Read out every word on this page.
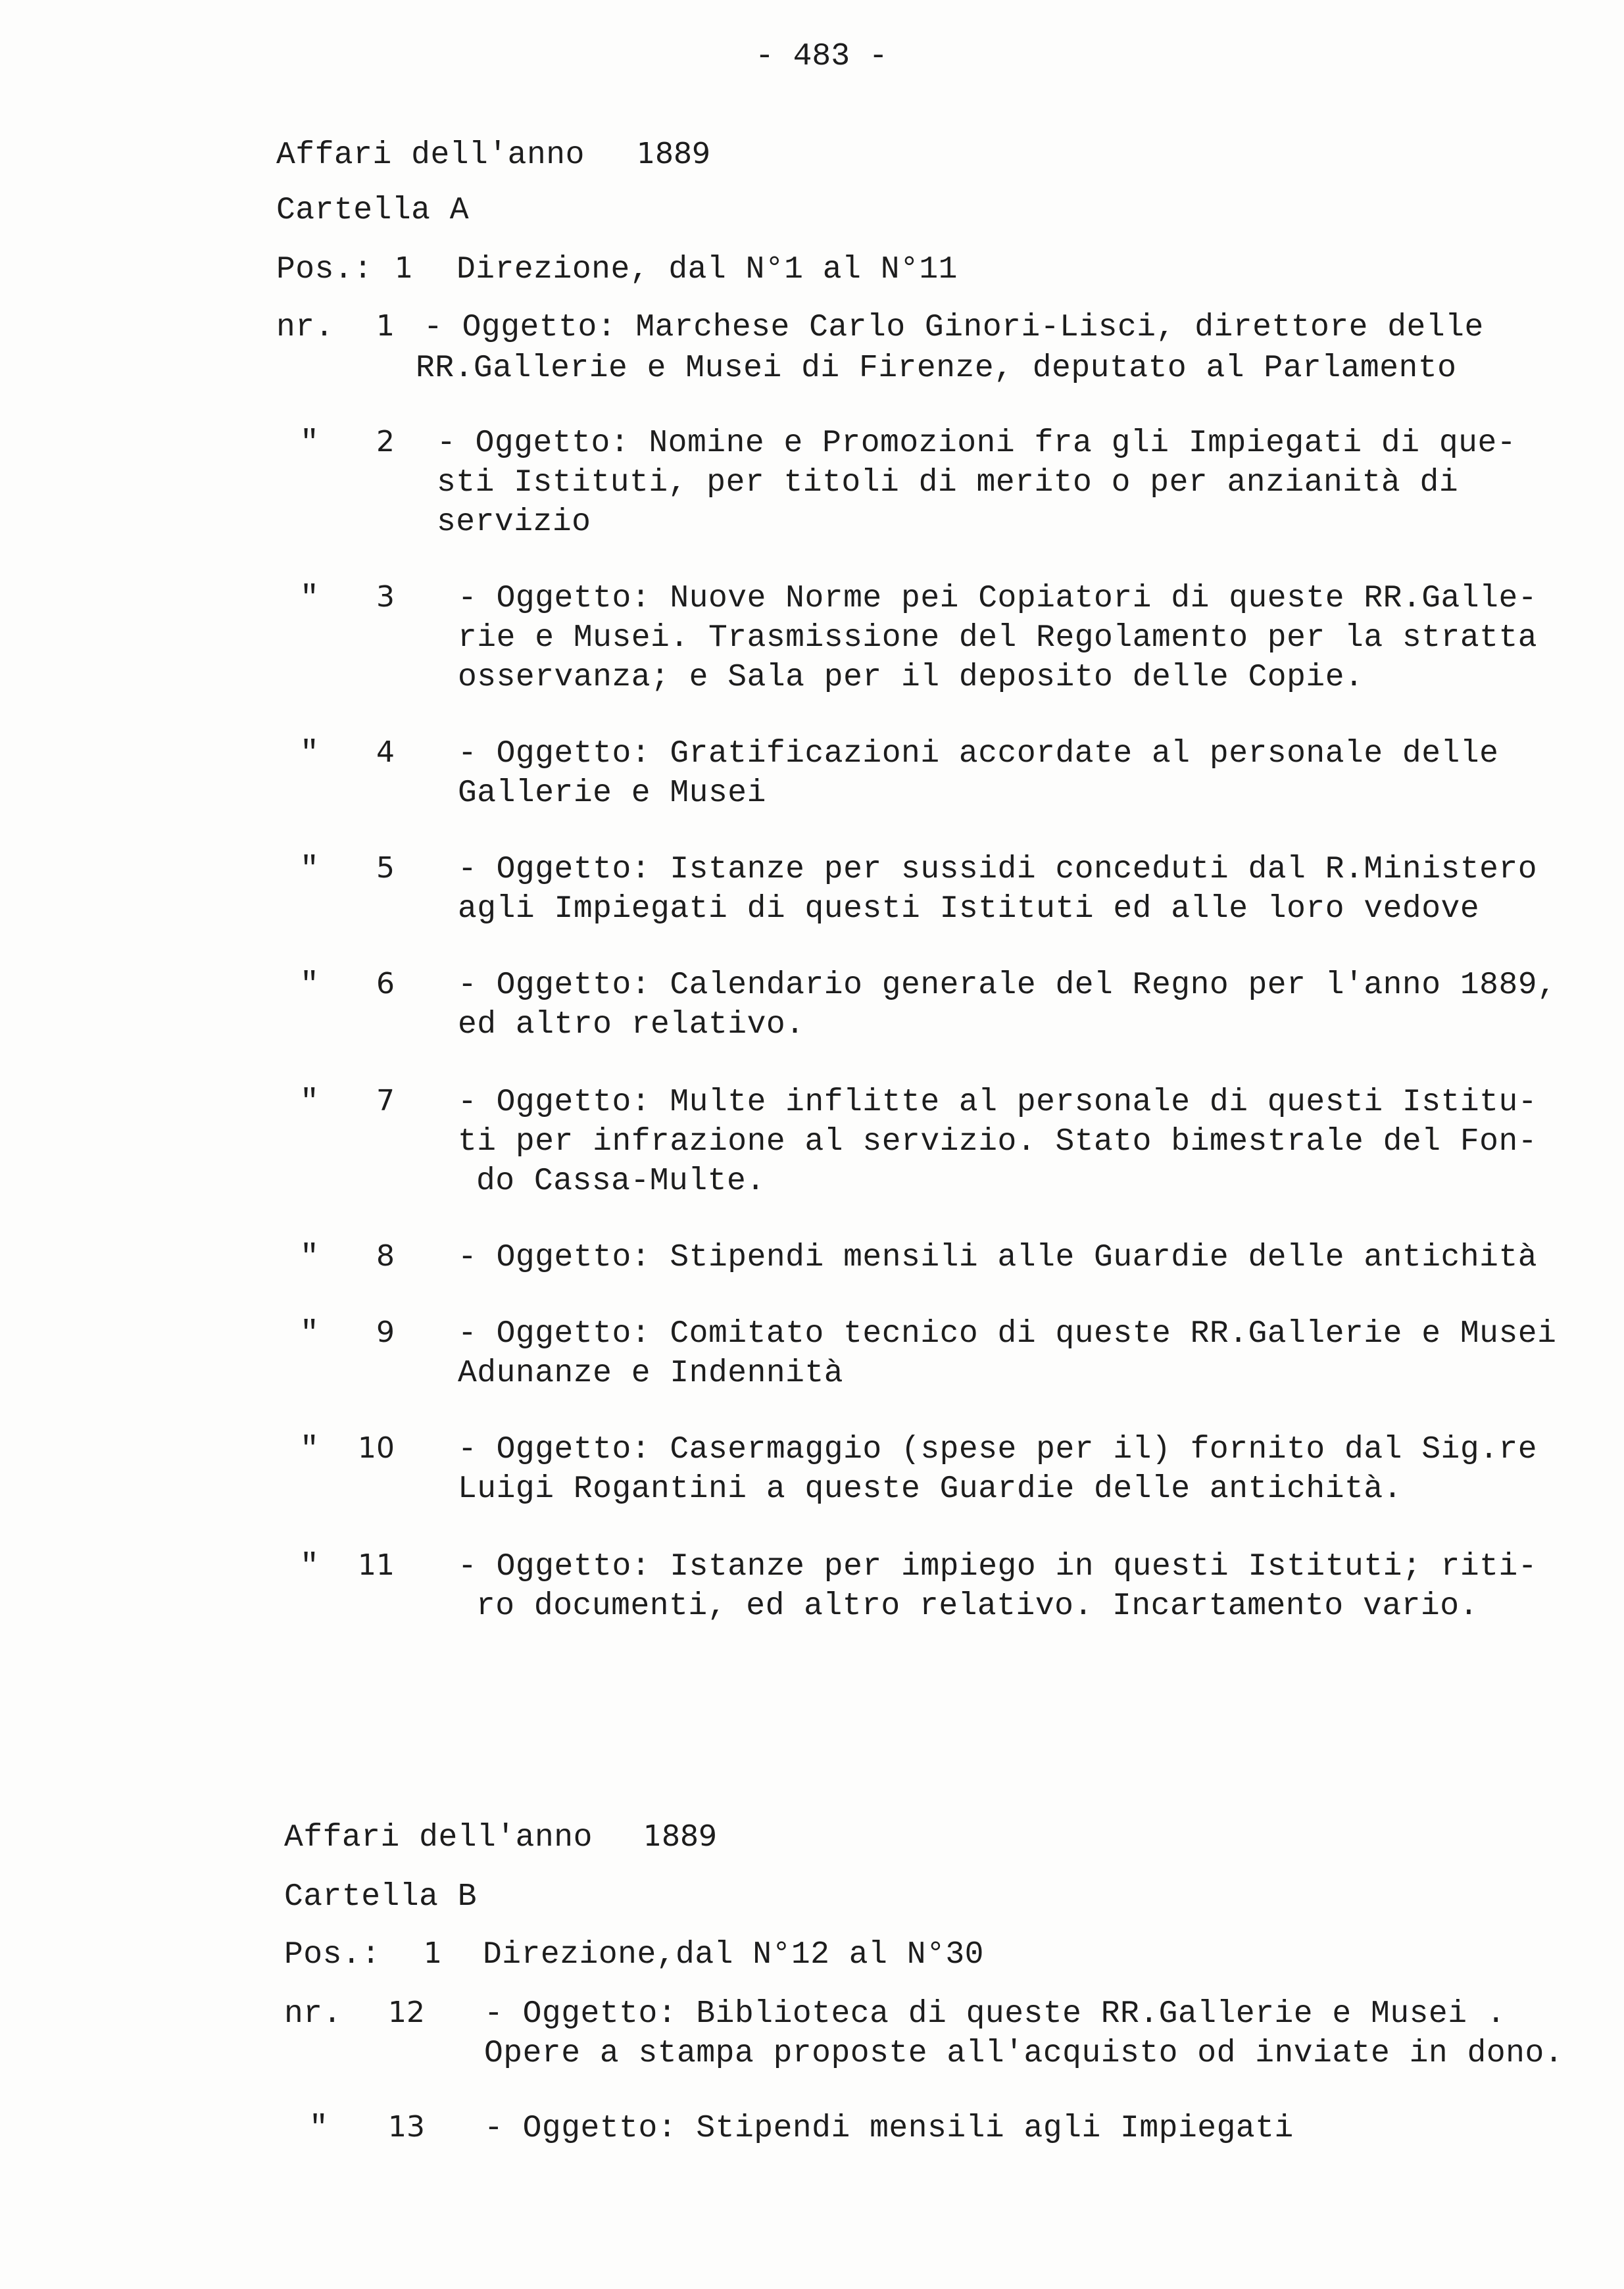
- 483 -
Affari dell'anno 1889
Cartella A
Pos.: 1 Direzione, dal N°1 al N°11
nr. 1 - Oggetto: Marchese Carlo Ginori-Lisci, direttore delle
RR.Gallerie e Musei di Firenze, deputato al Parlamento
" 2 - Oggetto: Nomine e Promozioni fra gli Impiegati di que-
sti Istituti, per titoli di merito o per anzianità di
servizio
" 3 - Oggetto: Nuove Norme pei Copiatori di queste RR.Galle-
rie e Musei. Trasmissione del Regolamento per la stratta
osservanza; e Sala per il deposito delle Copie.
" 4 - Oggetto: Gratificazioni accordate al personale delle
Gallerie e Musei
" 5 - Oggetto: Istanze per sussidi conceduti dal R.Ministero
agli Impiegati di questi Istituti ed alle loro vedove
" 6 - Oggetto: Calendario generale del Regno per l'anno 1889,
ed altro relativo.
" 7 - Oggetto: Multe inflitte al personale di questi Istitu-
ti per infrazione al servizio. Stato bimestrale del Fon-
do Cassa-Multe.
" 8 - Oggetto: Stipendi mensili alle Guardie delle antichità
" 9 - Oggetto: Comitato tecnico di queste RR.Gallerie e Musei
Adunanze e Indennità
" 10 - Oggetto: Casermaggio (spese per il) fornito dal Sig.re
Luigi Rogantini a queste Guardie delle antichità.
" 11 - Oggetto: Istanze per impiego in questi Istituti; riti-
ro documenti, ed altro relativo. Incartamento vario.
Affari dell'anno 1889
Cartella B
Pos.: 1 Direzione,dal N°12 al N°30
nr. 12 - Oggetto: Biblioteca di queste RR.Gallerie e Musei .
Opere a stampa proposte all'acquisto od inviate in dono.
" 13 - Oggetto: Stipendi mensili agli Impiegati
